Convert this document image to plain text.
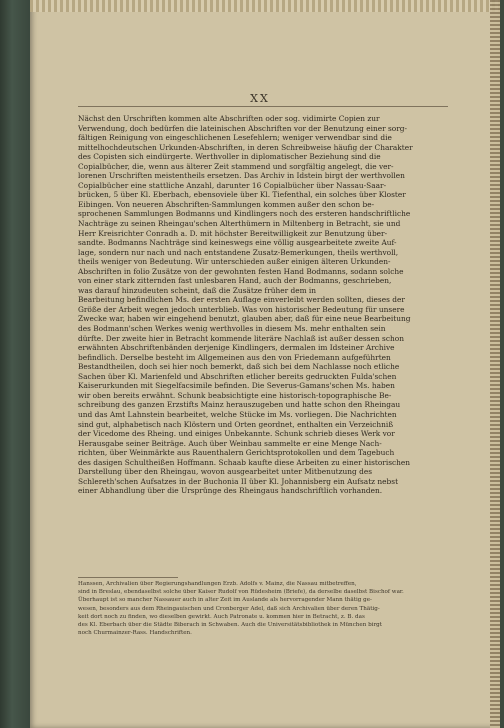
XX

Nächst den Urschriften kommen alte Abschriften oder sog. vidimirte Copien zur

Verwendung, doch bedürfen die lateinischen Abschriften vor der Benutzung einer sorg-

fältigen Reinigung von eingeschlichenen Lesefehlern; weniger verwendbar sind die

mittelhochdeutschen Urkunden-Abschriften, in deren Schreibweise häufig der Charakter

des Copisten sich eindürgerte. Werthvoller in diplomatischer Beziehung sind die

Copialbücher, die, wenn aus älterer Zeit stammend und sorgfältig angelegt, die ver-

lorenen Urschriften meistentheils ersetzen. Das Archiv in Idstein birgt der werthvollen

Copialbücher eine stattliche Anzahl, darunter 16 Copialbücher über Nassau-Saar-

brücken, 5 über Kl. Eberbach, ebensoviele über Kl. Tiefenthal, ein solches über Kloster

Eibingen. Von neueren Abschriften-Sammlungen kommen außer den schon be-

sprochenen Sammlungen Bodmanns und Kindlingers noch des ersteren handschriftliche

Nachträge zu seinen Rheingau'schen Alterthümern in Miltenberg in Betracht, sie und

Herr Kreisrichter Conradh a. D. mit höchster Bereitwilligkeit zur Benutzung über-

sandte. Bodmanns Nachträge sind keineswegs eine völlig ausgearbeitete zweite Auf-

lage, sondern nur nach und nach entstandene Zusatz-Bemerkungen, theils werthvoll,

theils weniger von Bedeutung. Wir unterschieden außer einigen älteren Urkunden-

Abschriften in folio Zusätze von der gewohnten festen Hand Bodmanns, sodann solche

von einer stark zitternden fast unlesbaren Hand, auch der Bodmanns, geschrieben,

was darauf hinzudeuten scheint, daß die Zusätze früher dem in

Bearbeitung befindlichen Ms. der ersten Auflage einverleibt werden sollten, dieses der

Größe der Arbeit wegen jedoch unterblieb. Was von historischer Bedeutung für unsere

Zwecke war, haben wir eingehend benutzt, glauben aber, daß für eine neue Bearbeitung

des Bodmann'schen Werkes wenig werthvolles in diesem Ms. mehr enthalten sein

dürfte. Der zweite hier in Betracht kommende literäre Nachlaß ist außer dessen schon

erwähnten Abschriftenbänden derjenige Kindlingers, dermalen im Idsteiner Archive

befindlich. Derselbe besteht im Allgemeinen aus den von Friedemann aufgeführten

Bestandtheilen, doch sei hier noch bemerkt, daß sich bei dem Nachlasse noch etliche

Sachen über Kl. Marienfeld und Abschriften etlicher bereits gedruckten Fulda'schen

Kaiserurkunden mit Siegelfacsimile befinden. Die Severus-Gamans'schen Ms. haben

wir oben bereits erwähnt. Schunk beabsichtigte eine historisch-topographische Be-

schreibung des ganzen Erzstifts Mainz herauszugeben und hatte schon den Rheingau

und das Amt Lahnstein bearbeitet, welche Stücke im Ms. vorliegen. Die Nachrichten

sind gut, alphabetisch nach Klöstern und Orten geordnet, enthalten ein Verzeichniß

der Vicedome des Rheing. und einiges Unbekannte. Schunk schrieb dieses Werk vor

Herausgabe seiner Beiträge. Auch über Weinbau sammelte er eine Menge Nach-

richten, über Weinmärkte aus Rauenthalern Gerichtsprotokollen und dem Tagebuch

des dasigen Schultheißen Hoffmann. Schaab kaufte diese Arbeiten zu einer historischen

Darstellung über den Rheingau, wovon ausgearbeitet unter Mitbenutzung des

Schlereth'schen Aufsatzes in der Buchonia II über Kl. Johannisberg ein Aufsatz nebst

einer Abhandlung über die Ursprünge des Rheingaus handschriftlich vorhanden.

Hanssen, Archivalien über Regierungshandlungen Erzb. Adolfs v. Mainz, die Nassau mitbetreffen,

sind in Breslau, ebendaselbst solche über Kaiser Rudolf von Rüdesheim (Briefe), da derselbe daselbst Bischof war.

Überhaupt ist so mancher Nassauer auch in alter Zeit im Auslande als hervorragender Mann thätig ge-

wesen, besonders aus dem Rheingauischen und Cronberger Adel, daß sich Archivalien über deren Thätig-

keit dort noch zu finden, wo dieselben gewirkt. Auch Patronate u. kommen hier in Betracht, z. B. das

des Kl. Eberbach über die Städte Biberach in Schwaben. Auch die Universitätsbibliothek in München birgt

noch Churmainzer-Rass. Handschriften.
